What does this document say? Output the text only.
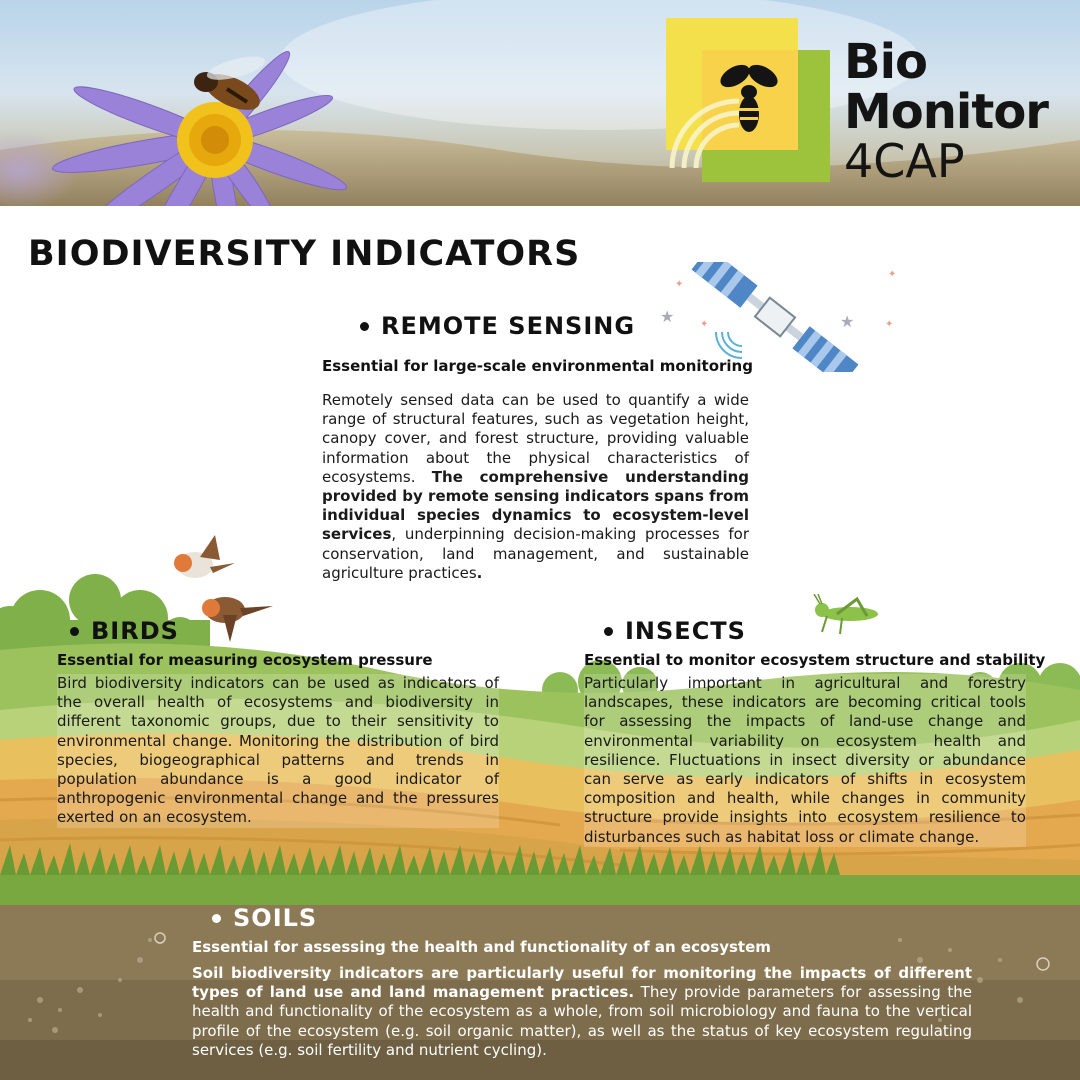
Bio
Monitor
4CAP
BIODIVERSITY INDICATORS
★	★
✦
✦	✦
✦
REMOTE SENSING
Essential for large-scale environmental monitoring

Remotely sensed data can be used to quantify a wide range of structural features, such as vegetation height, canopy cover, and forest structure, providing valuable information about the physical characteristics of ecosystems. The comprehensive understanding provided by remote sensing indicators spans from individual species dynamics to ecosystem-level services, underpinning decision-making processes for conservation, land management, and sustainable agriculture practices.

BIRDS
Essential for measuring ecosystem pressure

Bird biodiversity indicators can be used as indicators of the overall health of ecosystems and biodiversity in different taxonomic groups, due to their sensitivity to environmental change. Monitoring the distribution of bird species, biogeographical patterns and trends in population abundance is a good indicator of anthropogenic environmental change and the pressures exerted on an ecosystem.

INSECTS
Essential to monitor ecosystem structure and stability

Particularly important in agricultural and forestry landscapes, these indicators are becoming critical tools for assessing the impacts of land-use change and environmental variability on ecosystem health and resilience. Fluctuations in insect diversity or abundance can serve as early indicators of shifts in ecosystem composition and health, while changes in community structure provide insights into ecosystem resilience to disturbances such as habitat loss or climate change.

SOILS
Essential for assessing the health and functionality of an ecosystem

Soil biodiversity indicators are particularly useful for monitoring the impacts of different types of land use and land management practices. They provide parameters for assessing the health and functionality of the ecosystem as a whole, from soil microbiology and fauna to the vertical profile of the ecosystem (e.g. soil organic matter), as well as the status of key ecosystem regulating services (e.g. soil fertility and nutrient cycling).
